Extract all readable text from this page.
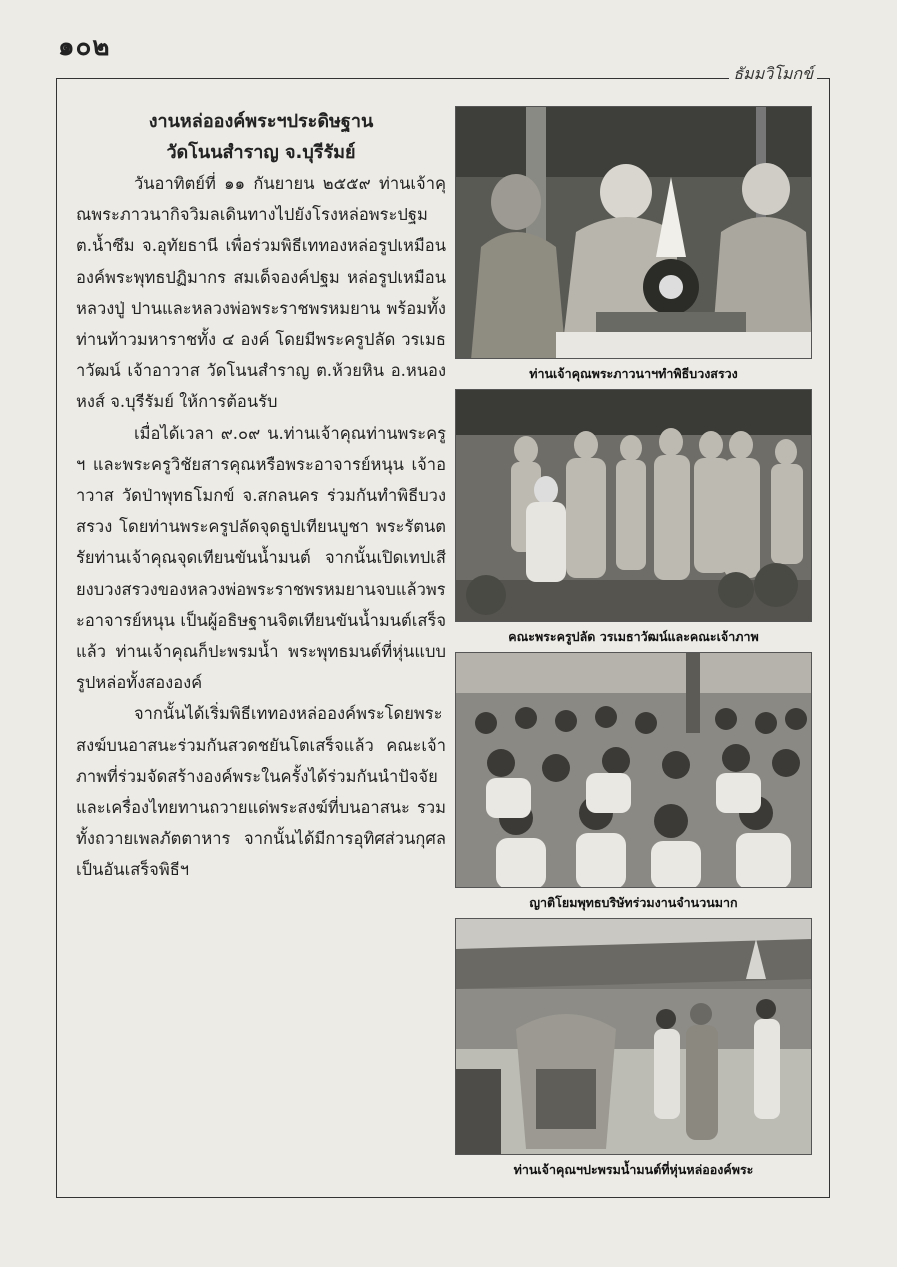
๑๐๒
ธัมมวิโมกข์

งานหล่อองค์พระฯประดิษฐาน

วัดโนนสำราญ จ.บุรีรัมย์

วันอาทิตย์ที่ ๑๑ กันยายน ๒๕๕๙ ท่านเจ้าคุณพระภาวนากิจวิมลเดินทางไปยังโรงหล่อพระปฐม ต.น้ำซึม จ.อุทัยธานี เพื่อร่วมพิธีเททองหล่อรูปเหมือนองค์พระพุทธปฏิมากร สมเด็จองค์ปฐม หล่อรูปเหมือนหลวงปู่ ปานและหลวงพ่อพระราชพรหมยาน พร้อมทั้งท่านท้าวมหาราชทั้ง ๔ องค์ โดยมีพระครูปลัด วรเมธาวัฒน์ เจ้าอาวาส วัดโนนสำราญ ต.ห้วยหิน อ.หนองหงส์ จ.บุรีรัมย์ ให้การต้อนรับ

เมื่อได้เวลา ๙.๐๙ น.ท่านเจ้าคุณท่านพระครูฯ และพระครูวิชัยสารคุณหรือพระอาจารย์หนุน เจ้าอาวาส วัดป่าพุทธโมกข์ จ.สกลนคร ร่วมกันทำพิธีบวงสรวง โดยท่านพระครูปลัดจุดธูปเทียนบูชา พระรัตนตรัยท่านเจ้าคุณจุดเทียนขันน้ำมนต์ จากนั้นเปิดเทปเสียงบวงสรวงของหลวงพ่อพระราชพรหมยานจบแล้วพระอาจารย์หนุน เป็นผู้อธิษฐานจิตเทียนขันน้ำมนต์เสร็จแล้ว ท่านเจ้าคุณก็ปะพรมน้ำ พระพุทธมนต์ที่หุ่นแบบรูปหล่อทั้งสององค์

จากนั้นได้เริ่มพิธีเททองหล่อองค์พระโดยพระสงฆ์บนอาสนะร่วมกันสวดชยันโตเสร็จแล้ว คณะเจ้าภาพที่ร่วมจัดสร้างองค์พระในครั้งได้ร่วมกันนำปัจจัยและเครื่องไทยทานถวายแด่พระสงฆ์ที่บนอาสนะ รวมทั้งถวายเพลภัตตาหาร จากนั้นได้มีการอุทิศส่วนกุศล เป็นอันเสร็จพิธีฯ

ท่านเจ้าคุณพระภาวนาฯทำพิธีบวงสรวง
คณะพระครูปลัด วรเมธาวัฒน์และคณะเจ้าภาพ
ญาติโยมพุทธบริษัทร่วมงานจำนวนมาก
ท่านเจ้าคุณฯปะพรมน้ำมนต์ที่หุ่นหล่อองค์พระ
